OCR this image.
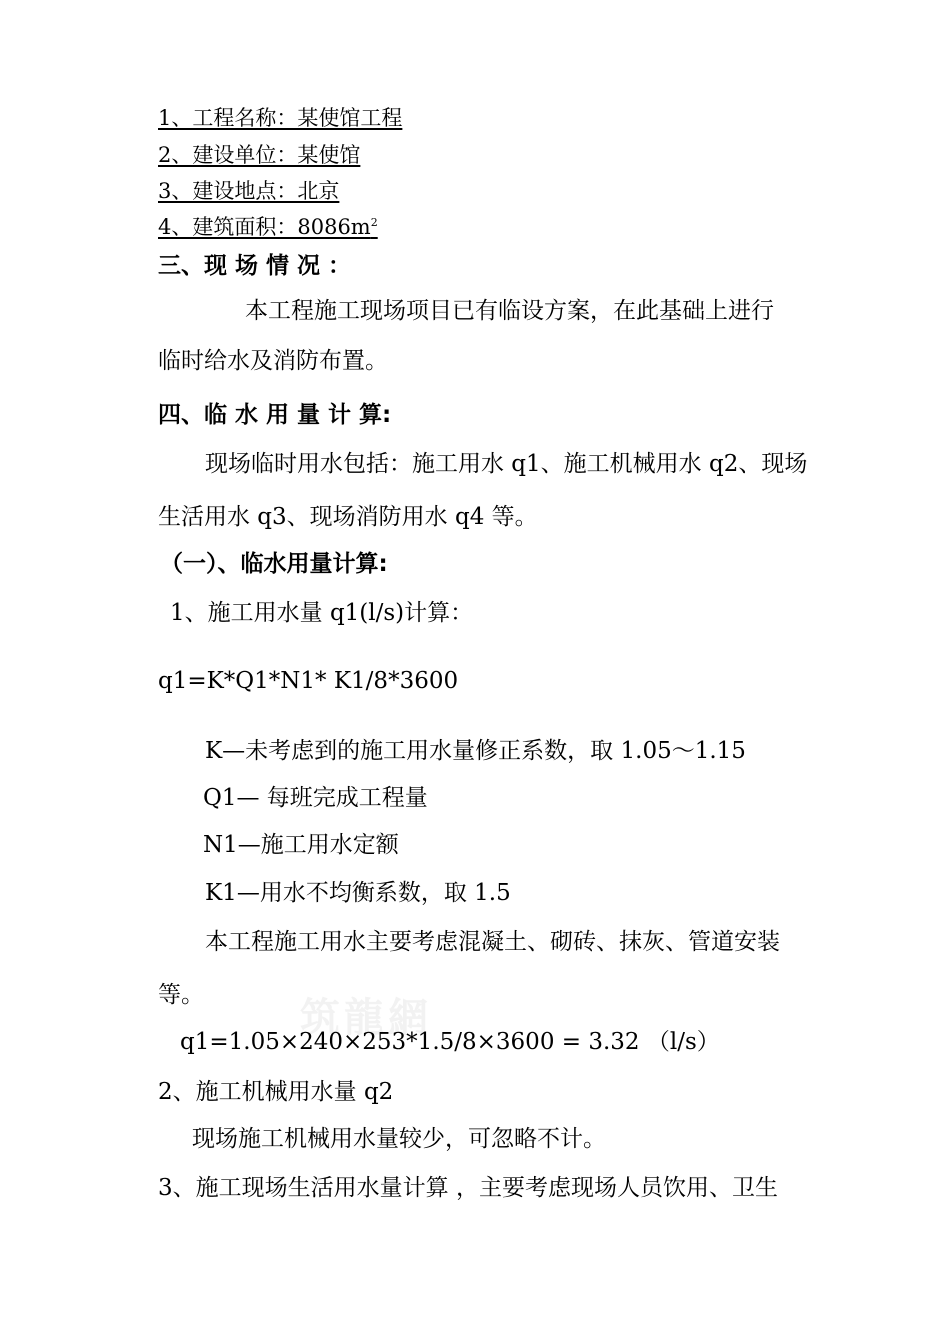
1、工程名称：某使馆工程
2、建设单位：某使馆
3、建设地点：北京
4、建筑面积：$8086m^2$
三、现 场 情 况 ：
本工程施工现场项目已有临设方案，在此基础上进行
临时给水及消防布置。
四、临 水 用 量 计 算:
现场临时用水包括：施工用水 q1、施工机械用水 q2、现场
生活用水 q3、现场消防用水 q4 等。
（一）、临水用量计算:
1、施工用水量 q1(l/s)计算：
q1=K*Q1*N1* K1/8*3600
K—未考虑到的施工用水量修正系数，取 1.05～1.15
Q1— 每班完成工程量
N1—施工用水定额
K1—用水不均衡系数，取 1.5
本工程施工用水主要考虑混凝土、砌砖、抹灰、管道安装
等。 筑龍網
q1=1.05×240×253*1.5/8×3600 = 3.32 （l/s）
2、施工机械用水量 q2
现场施工机械用水量较少，可忽略不计。
3、施工现场生活用水量计算 ，主要考虑现场人员饮用、卫生
